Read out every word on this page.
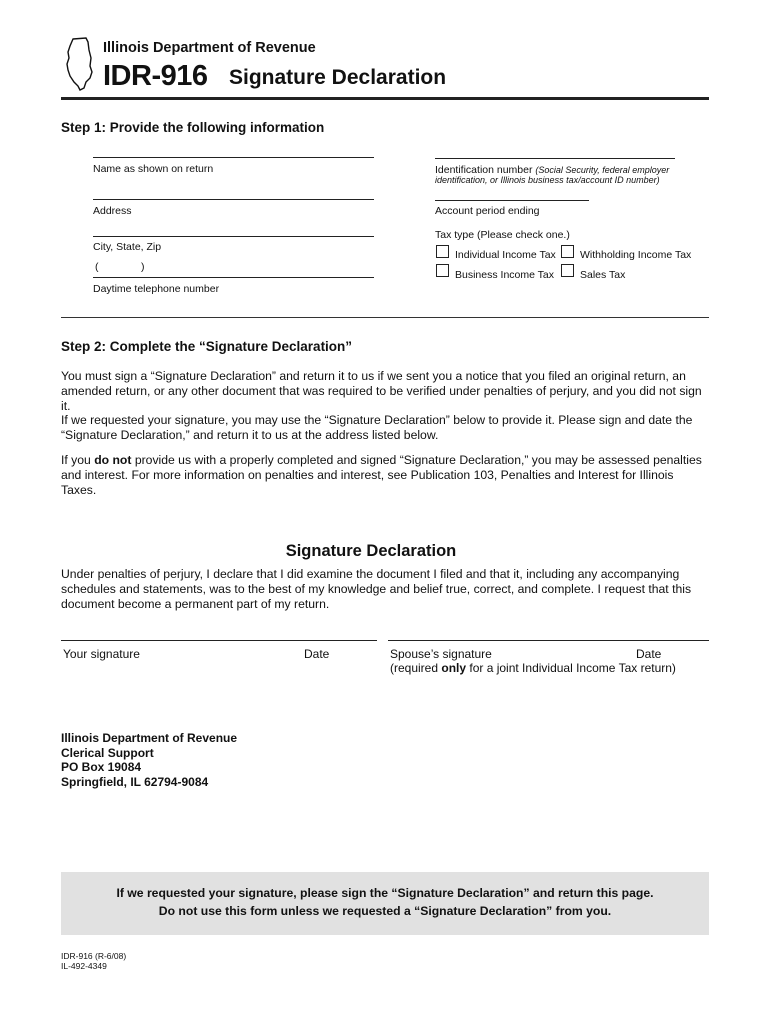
Illinois Department of Revenue
IDR-916 Signature Declaration
Step 1: Provide the following information
Name as shown on return
Address
City, State, Zip
(	)
Daytime telephone number
Identification number (Social Security, federal employer
identification, or Illinois business tax/account ID number)
Account period ending
Tax type (Please check one.)
Individual Income Tax Withholding Income Tax
Business Income Tax Sales Tax
Step 2: Complete the “Signature Declaration”
You must sign a “Signature Declaration” and return it to us if we sent you a notice that you filed an original return, an amended return, or any other document that was required to be verified under penalties of perjury, and you did not sign it.
If we requested your signature, you may use the “Signature Declaration” below to provide it. Please sign and date the “Signature Declaration,” and return it to us at the address listed below.
If you do not provide us with a properly completed and signed “Signature Declaration,” you may be assessed penalties and interest. For more information on penalties and interest, see Publication 103, Penalties and Interest for Illinois Taxes.
Signature Declaration
Under penalties of perjury, I declare that I did examine the document I filed and that it, including any accompanying schedules and statements, was to the best of my knowledge and belief true, correct, and complete. I request that this document become a permanent part of my return.
Your signature	Date	Spouse’s signature	Date
(required only for a joint Individual Income Tax return)
Illinois Department of Revenue
Clerical Support
PO Box 19084
Springfield, IL 62794-9084
If we requested your signature, please sign the “Signature Declaration” and return this page.
Do not use this form unless we requested a “Signature Declaration” from you.
IDR-916 (R-6/08)
IL-492-4349
